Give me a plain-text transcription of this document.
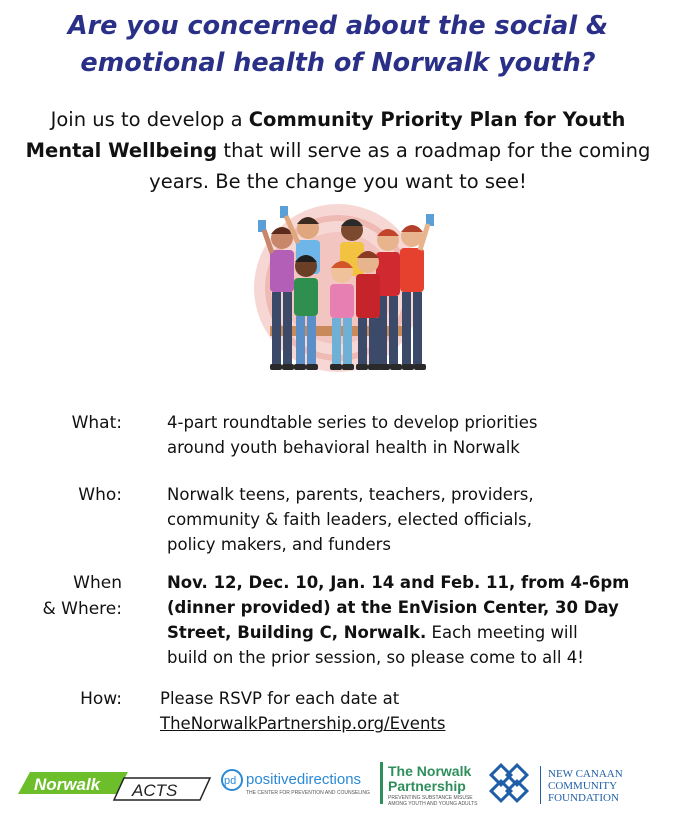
Are you concerned about the social &
emotional health of Norwalk youth?
Join us to develop a Community Priority Plan for Youth Mental Wellbeing that will serve as a roadmap for the coming years. Be the change you want to see!
What:	4-part roundtable series to develop priorities
around youth behavioral health in Norwalk
Who:	Norwalk teens, parents, teachers, providers,
community & faith leaders, elected officials,
policy makers, and funders
When
& Where:
Nov. 12, Dec. 10, Jan. 14 and Feb. 11, from 4-6pm
(dinner provided) at the EnVision Center, 30 Day
Street, Building C, Norwalk. Each meeting will
build on the prior session, so please come to all 4!
How: Please RSVP for each date at
TheNorwalkPartnership.org/Events
Norwalk ACTS	pd positivedirections
THE CENTER FOR PREVENTION AND COUNSELING
The Norwalk
Partnership
PREVENTING SUBSTANCE MISUSE
AMONG YOUTH AND YOUNG ADULTS
NEW CANAAN
COMMUNITY
FOUNDATION
